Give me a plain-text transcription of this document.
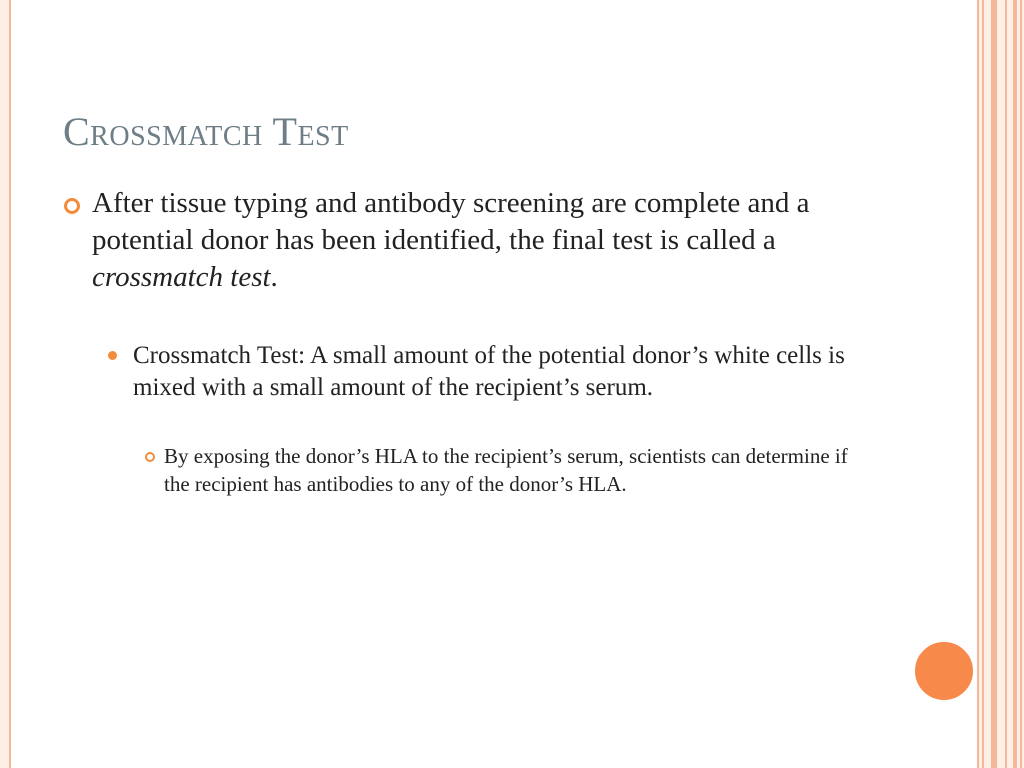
Crossmatch Test
After tissue typing and antibody screening are complete and a potential donor has been identified, the final test is called a crossmatch test.
Crossmatch Test: A small amount of the potential donor’s white cells is mixed with a small amount of the recipient’s serum.
By exposing the donor’s HLA to the recipient’s serum, scientists can determine if the recipient has antibodies to any of the donor’s HLA.
